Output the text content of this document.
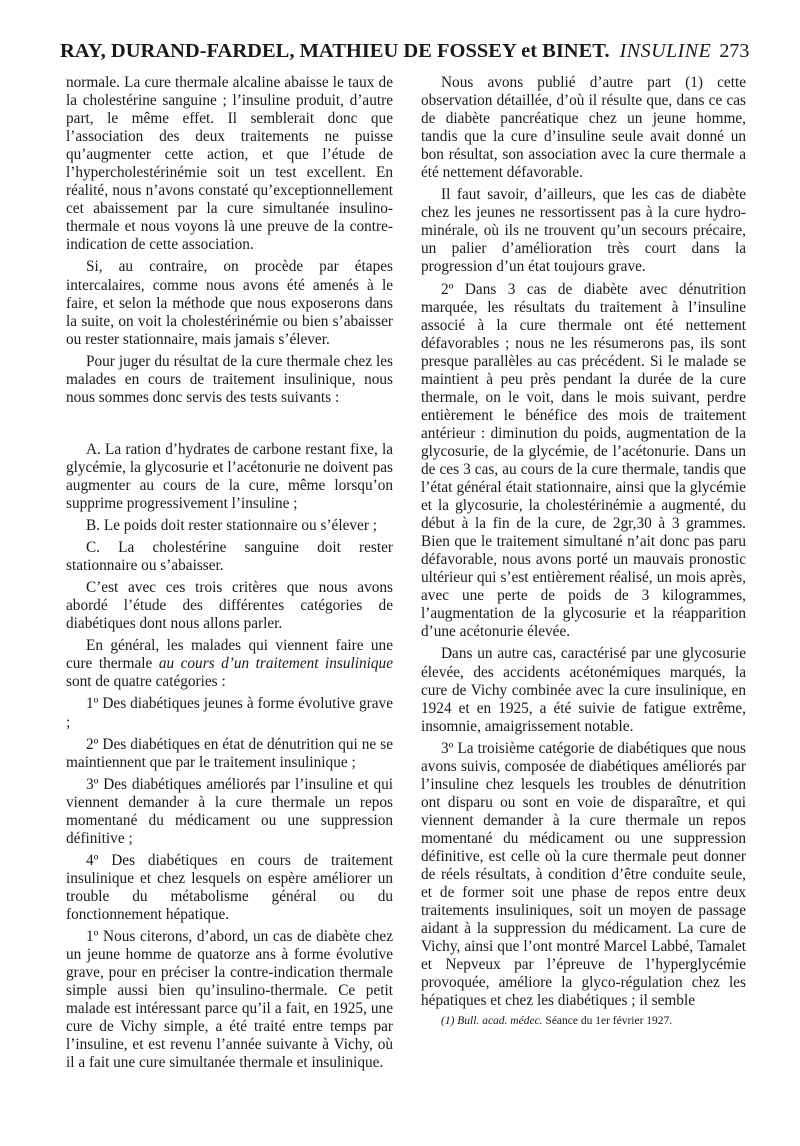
RAY, DURAND-FARDEL, MATHIEU DE FOSSEY et BINET. INSULINE 273

normale. La cure thermale alcaline abaisse le taux de la cholestérine sanguine ; l’insuline produit, d’autre part, le même effet. Il semblerait donc que l’association des deux traitements ne puisse qu’augmenter cette action, et que l’étude de l’hypercholestérinémie soit un test excellent. En réalité, nous n’avons constaté qu’exceptionnellement cet abaissement par la cure simultanée insulino-thermale et nous voyons là une preuve de la contre-indication de cette association.

Si, au contraire, on procède par étapes intercalaires, comme nous avons été amenés à le faire, et selon la méthode que nous exposerons dans la suite, on voit la cholestérinémie ou bien s’abaisser ou rester stationnaire, mais jamais s’élever.

Pour juger du résultat de la cure thermale chez les malades en cours de traitement insulinique, nous nous sommes donc servis des tests suivants :

A. La ration d’hydrates de carbone restant fixe, la glycémie, la glycosurie et l’acétonurie ne doivent pas augmenter au cours de la cure, même lorsqu’on supprime progressivement l’insuline ;

B. Le poids doit rester stationnaire ou s’élever ;

C. La cholestérine sanguine doit rester stationnaire ou s’abaisser.

C’est avec ces trois critères que nous avons abordé l’étude des différentes catégories de diabétiques dont nous allons parler.

En général, les malades qui viennent faire une cure thermale au cours d’un traitement insulinique sont de quatre catégories :

1º Des diabétiques jeunes à forme évolutive grave ;

2º Des diabétiques en état de dénutrition qui ne se maintiennent que par le traitement insulinique ;

3º Des diabétiques améliorés par l’insuline et qui viennent demander à la cure thermale un repos momentané du médicament ou une suppression définitive ;

4º Des diabétiques en cours de traitement insulinique et chez lesquels on espère améliorer un trouble du métabolisme général ou du fonctionnement hépatique.

1º Nous citerons, d’abord, un cas de diabète chez un jeune homme de quatorze ans à forme évolutive grave, pour en préciser la contre-indication thermale simple aussi bien qu’insulino-thermale. Ce petit malade est intéressant parce qu’il a fait, en 1925, une cure de Vichy simple, a été traité entre temps par l’insuline, et est revenu l’année suivante à Vichy, où il a fait une cure simultanée thermale et insulinique.

Nous avons publié d’autre part (1) cette observation détaillée, d’où il résulte que, dans ce cas de diabète pancréatique chez un jeune homme, tandis que la cure d’insuline seule avait donné un bon résultat, son association avec la cure thermale a été nettement défavorable.

Il faut savoir, d’ailleurs, que les cas de diabète chez les jeunes ne ressortissent pas à la cure hydro-minérale, où ils ne trouvent qu’un secours précaire, un palier d’amélioration très court dans la progression d’un état toujours grave.

2º Dans 3 cas de diabète avec dénutrition marquée, les résultats du traitement à l’insuline associé à la cure thermale ont été nettement défavorables ; nous ne les résumerons pas, ils sont presque parallèles au cas précédent. Si le malade se maintient à peu près pendant la durée de la cure thermale, on le voit, dans le mois suivant, perdre entièrement le bénéfice des mois de traitement antérieur : diminution du poids, augmentation de la glycosurie, de la glycémie, de l’acétonurie. Dans un de ces 3 cas, au cours de la cure thermale, tandis que l’état général était stationnaire, ainsi que la glycémie et la glycosurie, la cholestérinémie a augmenté, du début à la fin de la cure, de 2gr,30 à 3 grammes. Bien que le traitement simultané n’ait donc pas paru défavorable, nous avons porté un mauvais pronostic ultérieur qui s’est entièrement réalisé, un mois après, avec une perte de poids de 3 kilogrammes, l’augmentation de la glycosurie et la réapparition d’une acétonurie élevée.

Dans un autre cas, caractérisé par une glycosurie élevée, des accidents acétonémiques marqués, la cure de Vichy combinée avec la cure insulinique, en 1924 et en 1925, a été suivie de fatigue extrême, insomnie, amaigrissement notable.

3º La troisième catégorie de diabétiques que nous avons suivis, composée de diabétiques améliorés par l’insuline chez lesquels les troubles de dénutrition ont disparu ou sont en voie de disparaître, et qui viennent demander à la cure thermale un repos momentané du médicament ou une suppression définitive, est celle où la cure thermale peut donner de réels résultats, à condition d’être conduite seule, et de former soit une phase de repos entre deux traitements insuliniques, soit un moyen de passage aidant à la suppression du médicament. La cure de Vichy, ainsi que l’ont montré Marcel Labbé, Tamalet et Nepveux par l’épreuve de l’hyperglycémie provoquée, améliore la glyco-régulation chez les hépatiques et chez les diabétiques ; il semble

(1) Bull. acad. médec. Séance du 1er février 1927.
